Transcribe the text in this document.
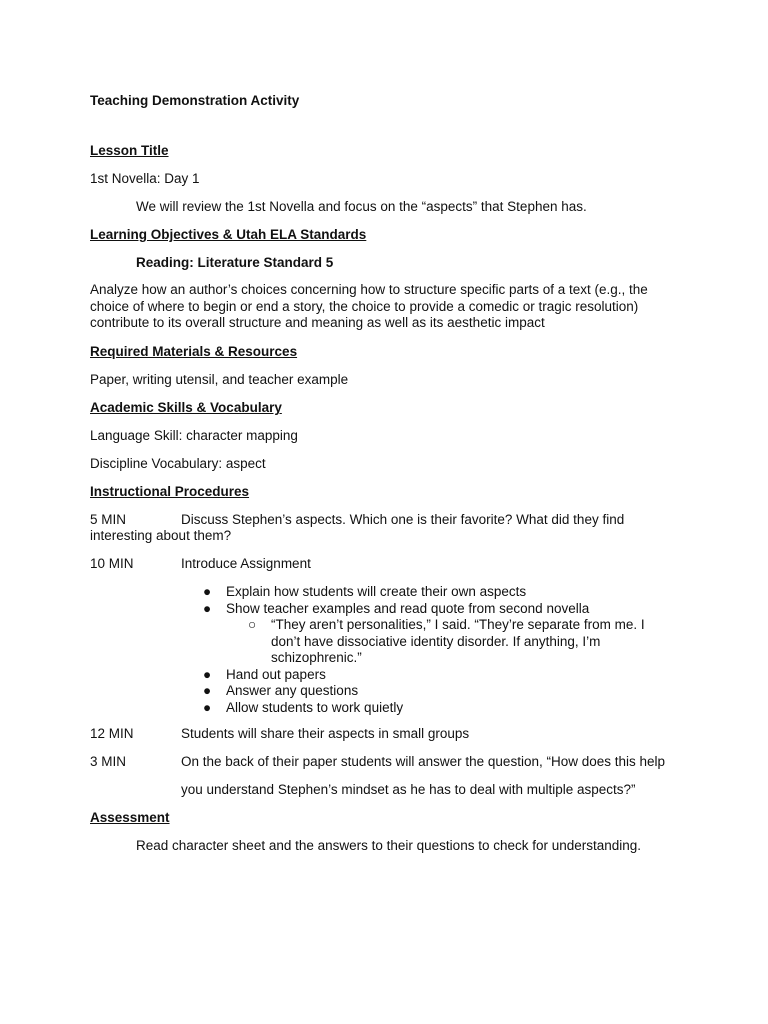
Teaching Demonstration Activity
Lesson Title
1st Novella: Day 1
We will review the 1st Novella and focus on the “aspects” that Stephen has.
Learning Objectives & Utah ELA Standards
Reading: Literature Standard 5
Analyze how an author’s choices concerning how to structure specific parts of a text (e.g., the choice of where to begin or end a story, the choice to provide a comedic or tragic resolution) contribute to its overall structure and meaning as well as its aesthetic impact
Required Materials & Resources
Paper, writing utensil, and teacher example
Academic Skills & Vocabulary
Language Skill: character mapping
Discipline Vocabulary: aspect
Instructional Procedures
5 MIN	Discuss Stephen’s aspects. Which one is their favorite? What did they find
interesting about them?
10 MIN	Introduce Assignment
● Explain how students will create their own aspects
● Show teacher examples and read quote from second novella
○ “They aren’t personalities,” I said. “They’re separate from me. I don’t have dissociative identity disorder. If anything, I’m schizophrenic.”
● Hand out papers
● Answer any questions
● Allow students to work quietly
12 MIN	Students will share their aspects in small groups
3 MIN	On the back of their paper students will answer the question, “How does this help
you understand Stephen’s mindset as he has to deal with multiple aspects?”
Assessment
Read character sheet and the answers to their questions to check for understanding.
